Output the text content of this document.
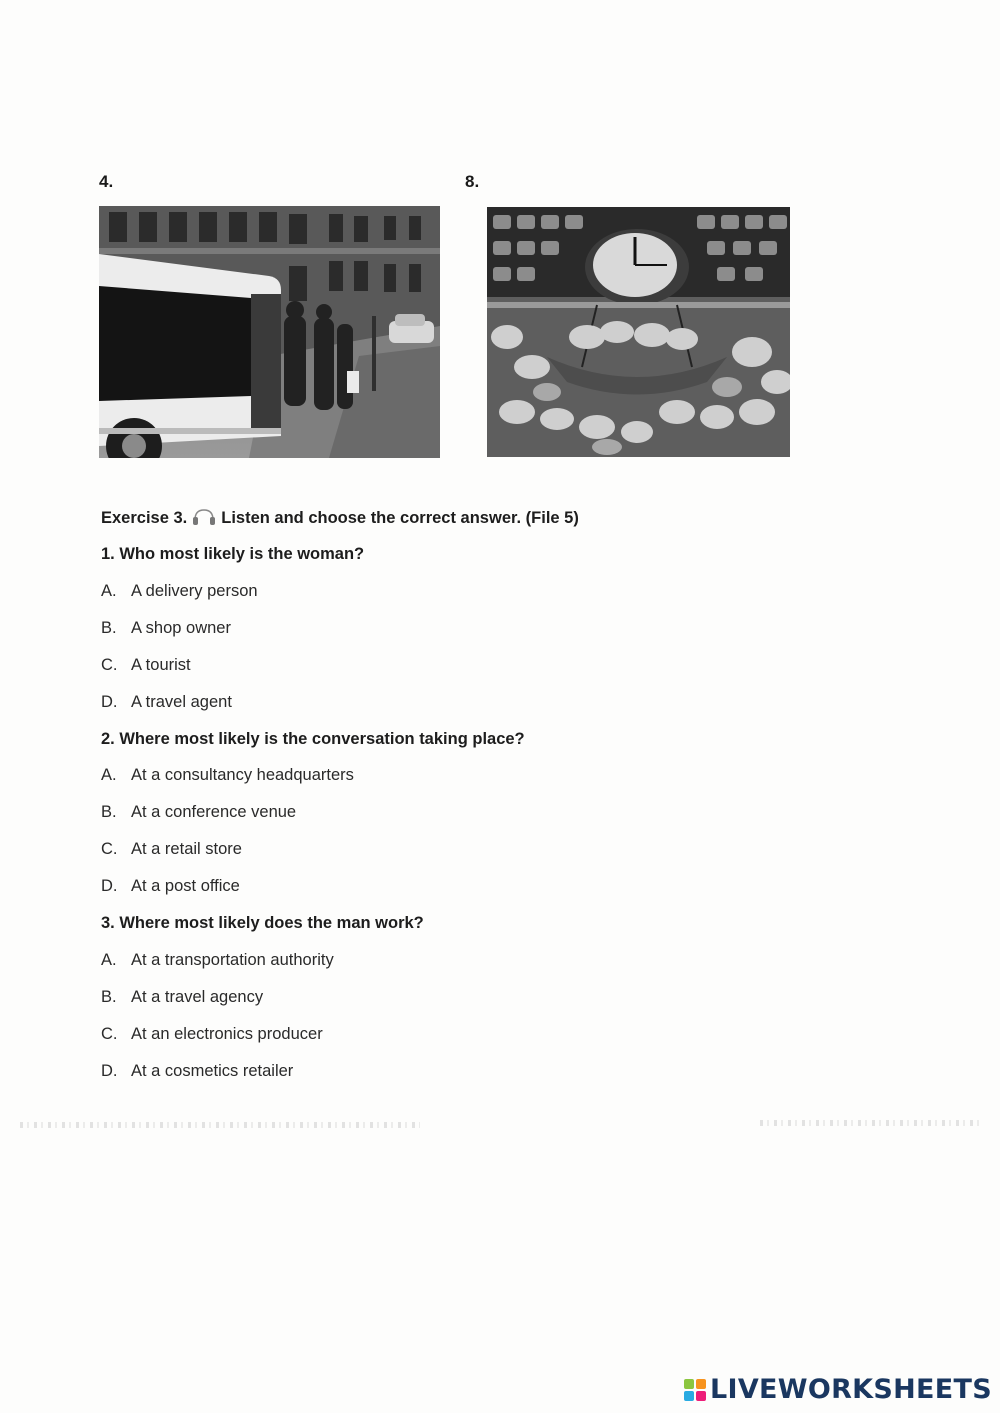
4.	8.
Exercise 3. Listen and choose the correct answer. (File 5)
1. Who most likely is the woman?
A. A delivery person
B. A shop owner
C. A tourist
D. A travel agent
2. Where most likely is the conversation taking place?
A. At a consultancy headquarters
B. At a conference venue
C. At a retail store
D. At a post office
3. Where most likely does the man work?
A. At a transportation authority
B. At a travel agency
C. At an electronics producer
D. At a cosmetics retailer
LIVEWORKSHEETS
